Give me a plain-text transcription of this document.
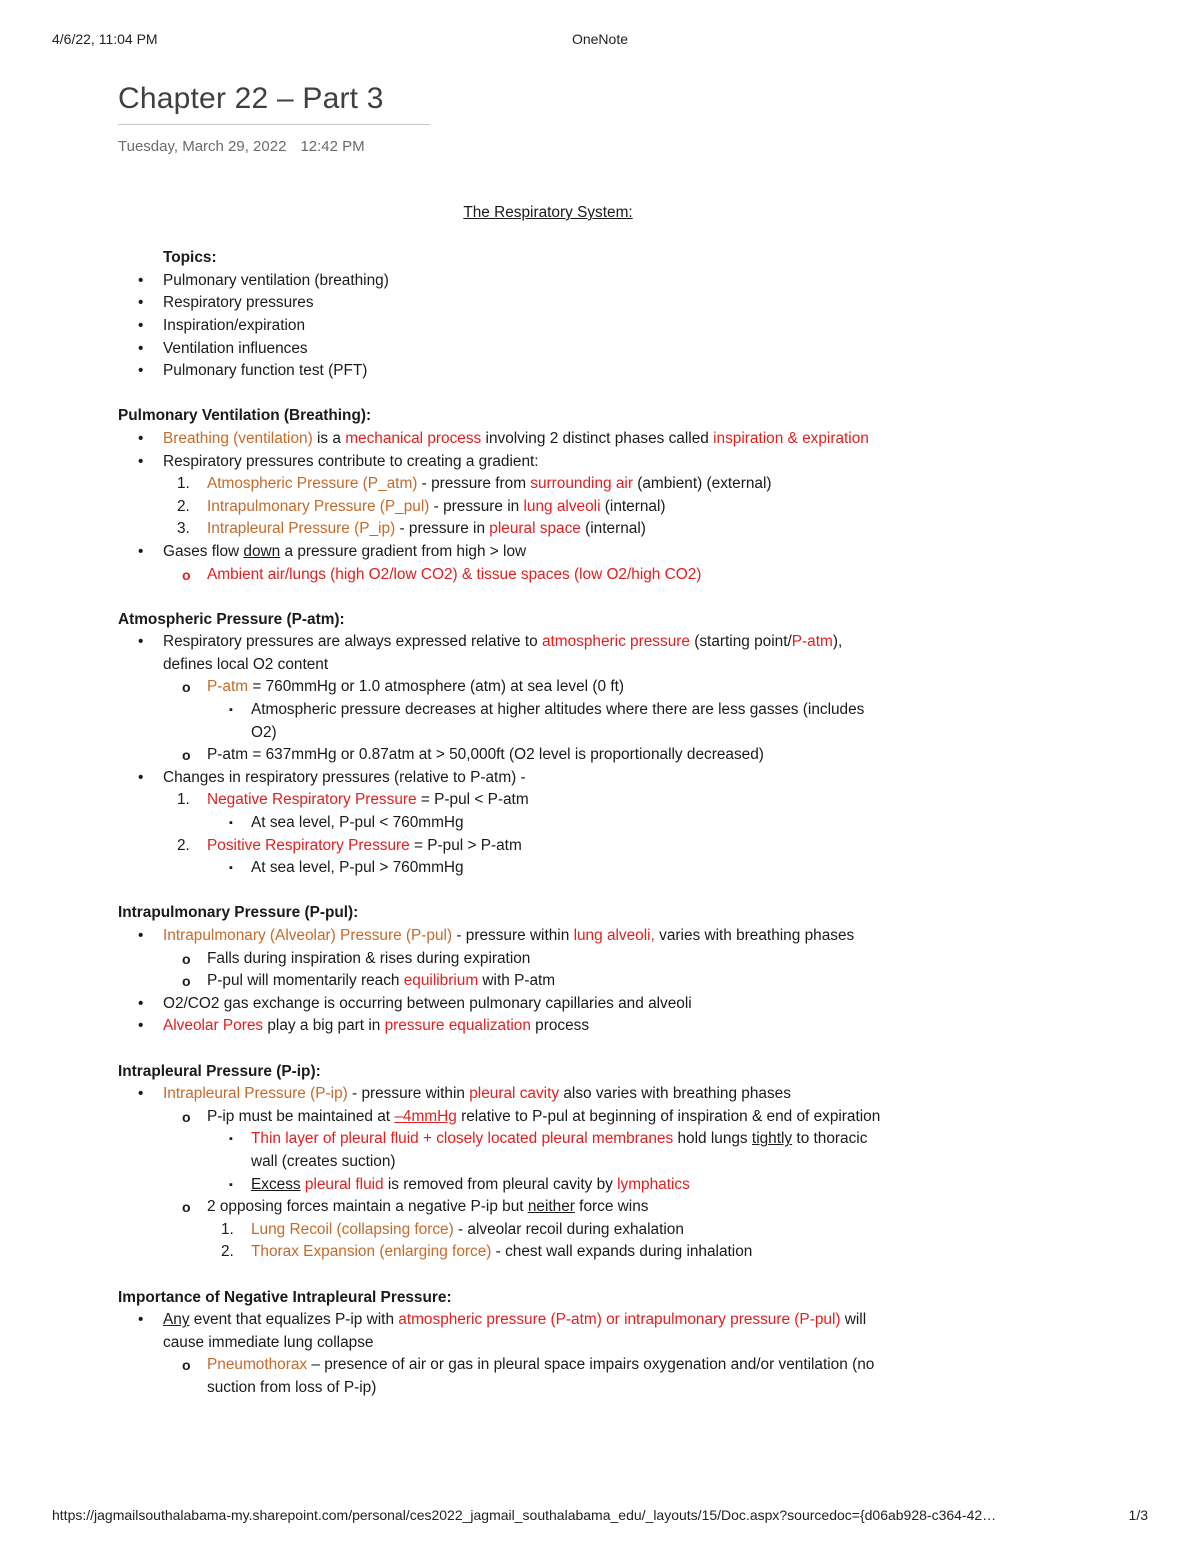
4/6/22, 11:04 PM	OneNote
Chapter 22 – Part 3
Tuesday, March 29, 2022 12:42 PM

The Respiratory System:

Topics:

• Pulmonary ventilation (breathing)
• Respiratory pressures
• Inspiration/expiration
• Ventilation influences
• Pulmonary function test (PFT)

Pulmonary Ventilation (Breathing):

• Breathing (ventilation) is a mechanical process involving 2 distinct phases called inspiration & expiration
• Respiratory pressures contribute to creating a gradient:
1. Atmospheric Pressure (P_atm) - pressure from surrounding air (ambient) (external)
2. Intrapulmonary Pressure (P_pul) - pressure in lung alveoli (internal)
3. Intrapleural Pressure (P_ip) - pressure in pleural space (internal)
• Gases flow down a pressure gradient from high > low
o Ambient air/lungs (high O2/low CO2) & tissue spaces (low O2/high CO2)

Atmospheric Pressure (P-atm):

• Respiratory pressures are always expressed relative to atmospheric pressure (starting point/P-atm), defines local O2 content
o P-atm = 760mmHg or 1.0 atmosphere (atm) at sea level (0 ft)
▪ Atmospheric pressure decreases at higher altitudes where there are less gasses (includes O2)
o P-atm = 637mmHg or 0.87atm at > 50,000ft (O2 level is proportionally decreased)
• Changes in respiratory pressures (relative to P-atm) -
1. Negative Respiratory Pressure = P-pul < P-atm
▪ At sea level, P-pul < 760mmHg
2. Positive Respiratory Pressure = P-pul > P-atm
▪ At sea level, P-pul > 760mmHg

Intrapulmonary Pressure (P-pul):

• Intrapulmonary (Alveolar) Pressure (P-pul) - pressure within lung alveoli, varies with breathing phases
o Falls during inspiration & rises during expiration
o P-pul will momentarily reach equilibrium with P-atm
• O2/CO2 gas exchange is occurring between pulmonary capillaries and alveoli
• Alveolar Pores play a big part in pressure equalization process

Intrapleural Pressure (P-ip):

• Intrapleural Pressure (P-ip) - pressure within pleural cavity also varies with breathing phases
o P-ip must be maintained at –4mmHg relative to P-pul at beginning of inspiration & end of expiration
▪ Thin layer of pleural fluid + closely located pleural membranes hold lungs tightly to thoracic wall (creates suction)
▪ Excess pleural fluid is removed from pleural cavity by lymphatics
o 2 opposing forces maintain a negative P-ip but neither force wins
1. Lung Recoil (collapsing force) - alveolar recoil during exhalation
2. Thorax Expansion (enlarging force) - chest wall expands during inhalation

Importance of Negative Intrapleural Pressure:

• Any event that equalizes P-ip with atmospheric pressure (P-atm) or intrapulmonary pressure (P-pul) will cause immediate lung collapse
o Pneumothorax – presence of air or gas in pleural space impairs oxygenation and/or ventilation (no suction from loss of P-ip)
https://jagmailsouthalabama-my.sharepoint.com/personal/ces2022_jagmail_southalabama_edu/_layouts/15/Doc.aspx?sourcedoc={d06ab928-c364-42…	1/3
